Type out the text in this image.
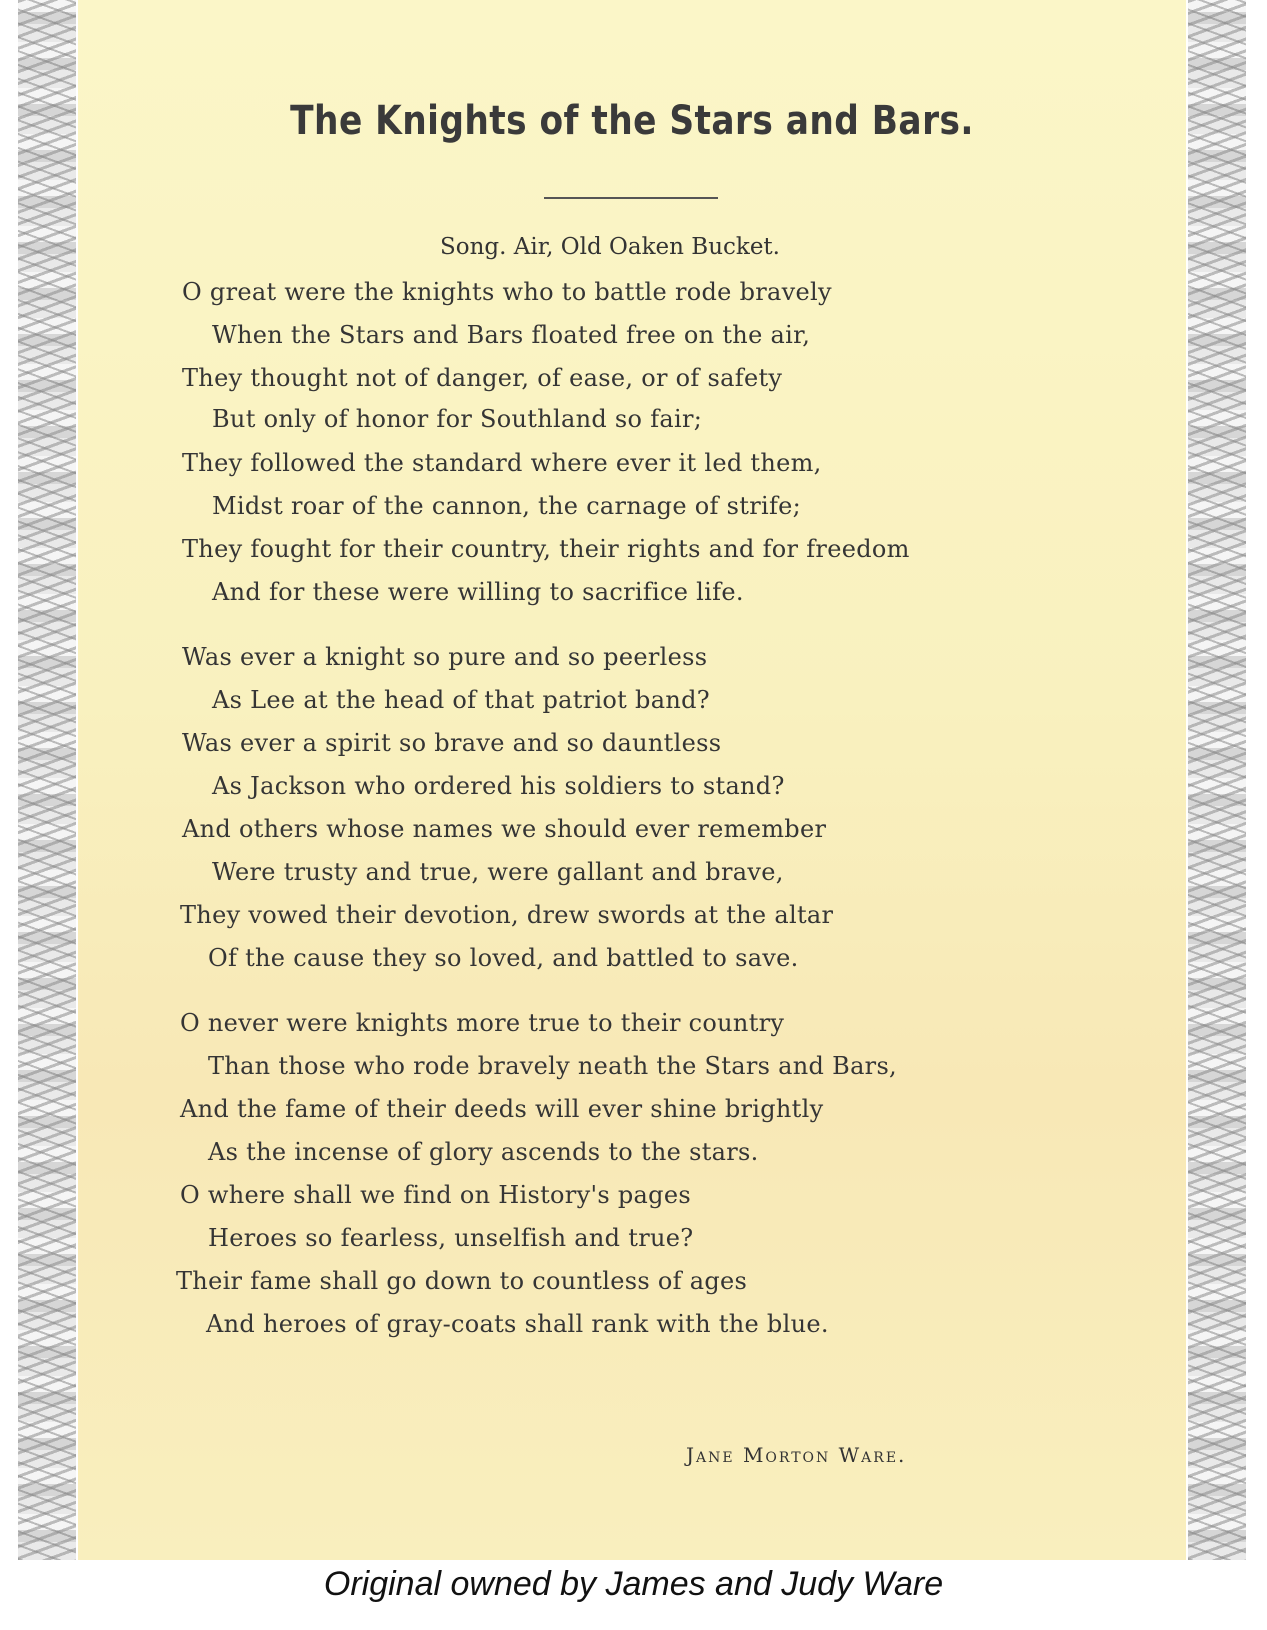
The Knights of the Stars and Bars.
Song. Air, Old Oaken Bucket.
O great were the knights who to battle rode bravely
When the Stars and Bars floated free on the air,
They thought not of danger, of ease, or of safety
But only of honor for Southland so fair;
They followed the standard where ever it led them,
Midst roar of the cannon, the carnage of strife;
They fought for their country, their rights and for freedom
And for these were willing to sacrifice life.
Was ever a knight so pure and so peerless
As Lee at the head of that patriot band?
Was ever a spirit so brave and so dauntless
As Jackson who ordered his soldiers to stand?
And others whose names we should ever remember
Were trusty and true, were gallant and brave,
They vowed their devotion, drew swords at the altar
Of the cause they so loved, and battled to save.
O never were knights more true to their country
Than those who rode bravely neath the Stars and Bars,
And the fame of their deeds will ever shine brightly
As the incense of glory ascends to the stars.
O where shall we find on History's pages
Heroes so fearless, unselfish and true?
Their fame shall go down to countless of ages
And heroes of gray-coats shall rank with the blue.
Jane Morton Ware.
Original owned by James and Judy Ware
